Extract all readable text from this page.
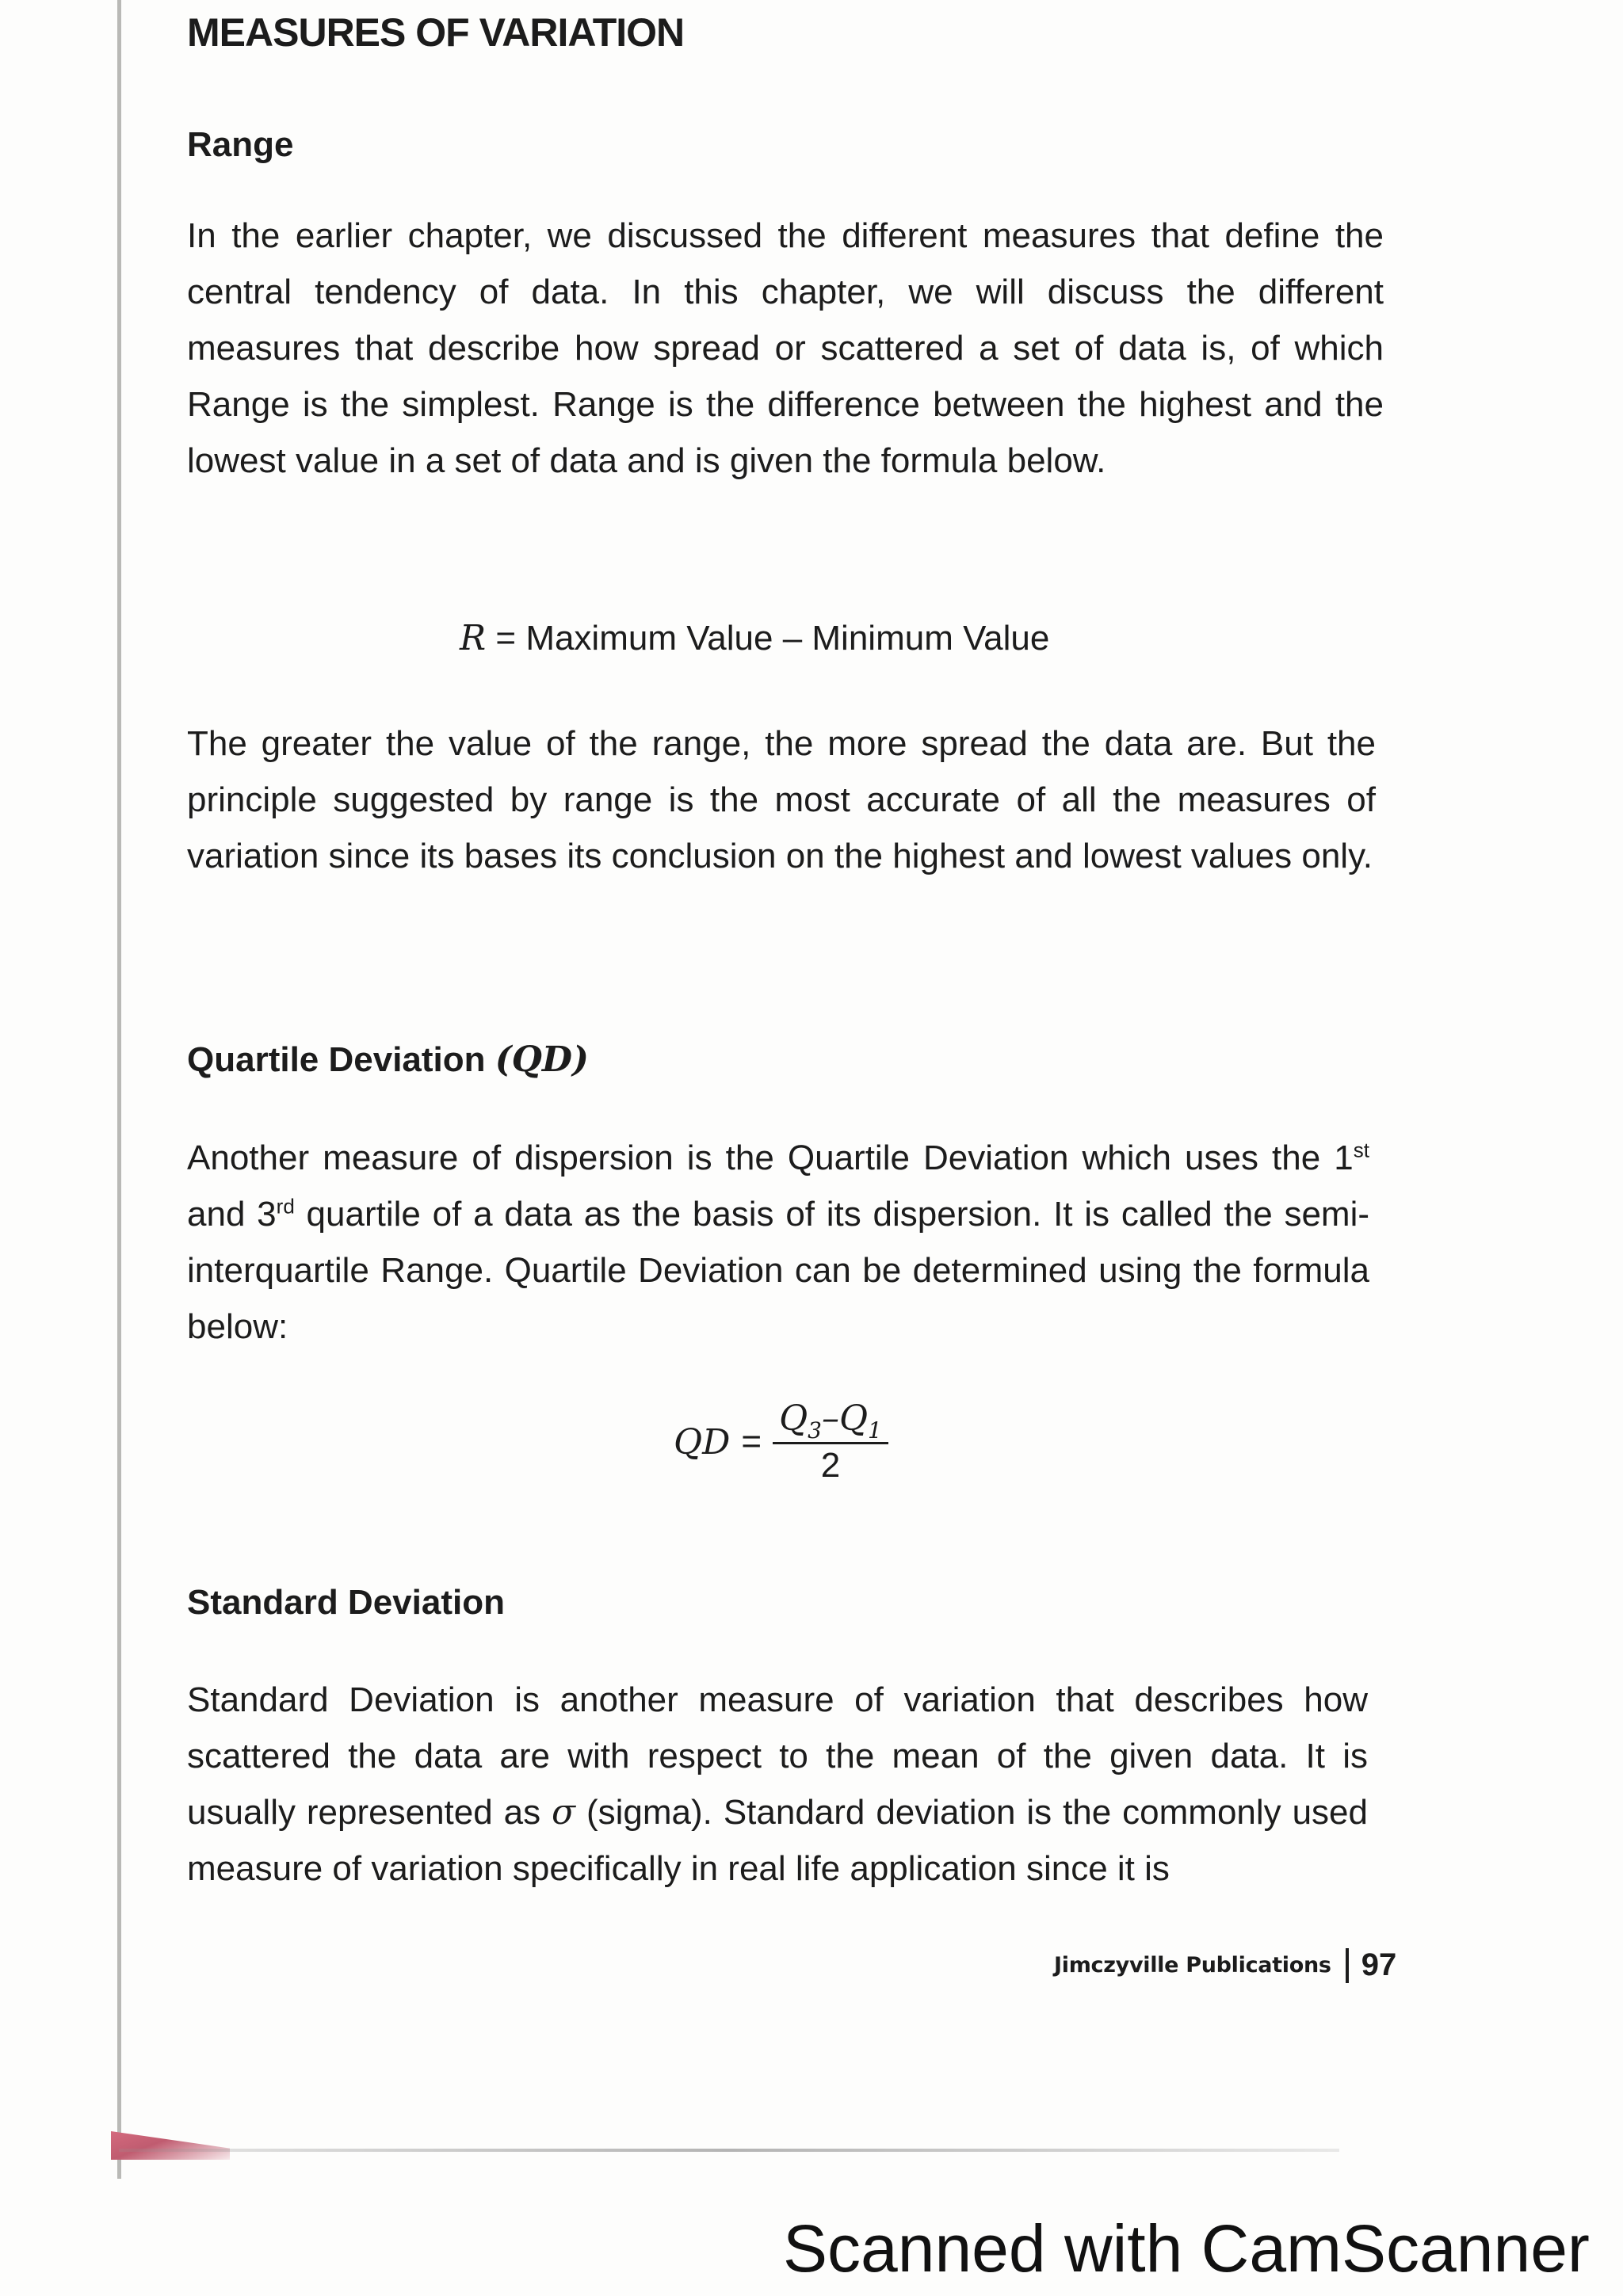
MEASURES OF VARIATION
Range

In the earlier chapter, we discussed the different measures that define the central tendency of data. In this chapter, we will discuss the different measures that describe how spread or scattered a set of data is, of which Range is the simplest. Range is the difference between the highest and the lowest value in a set of data and is given the formula below.

R = Maximum Value – Minimum Value

The greater the value of the range, the more spread the data are. But the principle suggested by range is the most accurate of all the measures of variation since its bases its conclusion on the highest and lowest values only.

Quartile Deviation (QD)

Another measure of dispersion is the Quartile Deviation which uses the 1st and 3rd quartile of a data as the basis of its dispersion. It is called the semi-interquartile Range. Quartile Deviation can be determined using the formula below:

QD = $\frac{Q_3-Q_1}{2}$
Standard Deviation

Standard Deviation is another measure of variation that describes how scattered the data are with respect to the mean of the given data. It is usually represented as σ (sigma). Standard deviation is the commonly used measure of variation specifically in real life application since it is

Jimczyville Publications 97
Scanned with CamScanner
